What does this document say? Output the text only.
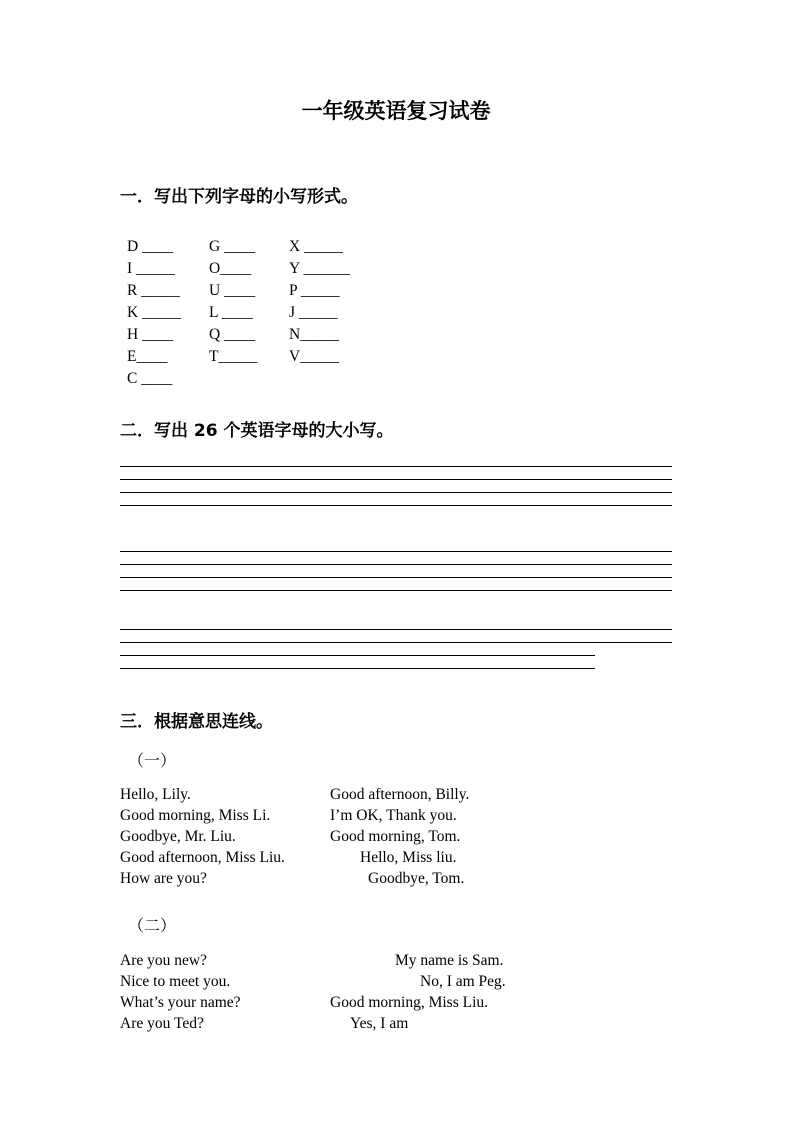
一年级英语复习试卷
一．写出下列字母的小写形式。
D ____	G ____	X _____
I _____	O____	Y ______
R _____	U ____	P _____
K _____	L ____	J _____
H ____	Q ____	N_____
E____	T_____	V_____
C ____
二．写出 26 个英语字母的大小写。
三．根据意思连线。
（一）
Hello, Lily.	Good afternoon, Billy.
Good morning, Miss Li.	I’m OK, Thank you.
Goodbye, Mr. Liu.	Good morning, Tom.
Good afternoon, Miss Liu.	Hello, Miss liu.
How are you?	Goodbye, Tom.
（二）
Are you new?	My name is Sam.
Nice to meet you.	No, I am Peg.
What’s your name?	Good morning, Miss Liu.
Are you Ted?	Yes, I am
